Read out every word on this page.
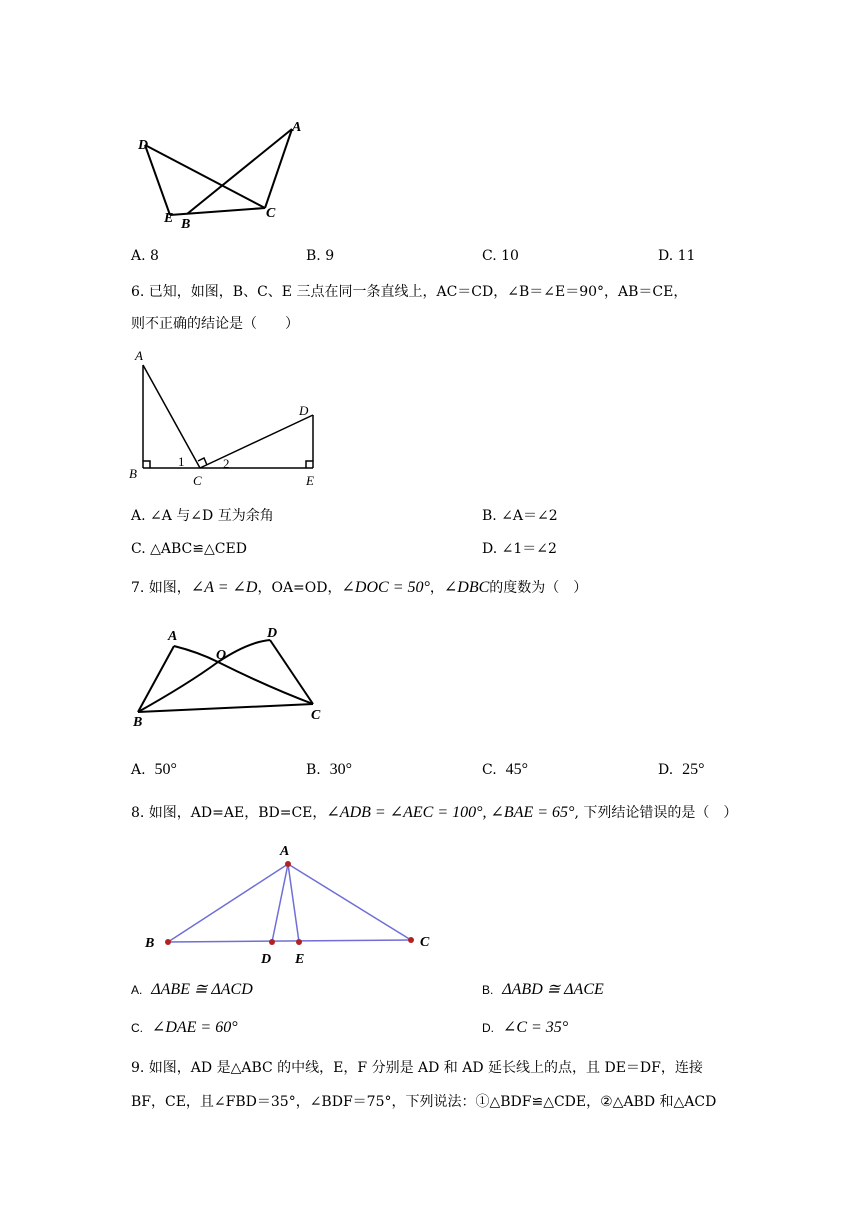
D
A
E B
C
A. 8	B. 9	C. 10	D. 11
6. 已知，如图，B、C、E 三点在同一条直线上，AC＝CD，∠B＝∠E＝90°，AB＝CE，
则不正确的结论是（　　）
A
B	C
D
E
1	2
A. ∠A 与∠D 互为余角	B. ∠A＝∠2
C. △ABC≌△CED	D. ∠1＝∠2
7. 如图，∠A = ∠D，OA=OD，∠DOC = 50°，∠DBC的度数为（　）
A	D
O
B	C
A. 50°	B. 30°	C. 45°	D. 25°
8. 如图，AD=AE，BD=CE，∠ADB = ∠AEC = 100°, ∠BAE = 65°, 下列结论错误的是（　）
A
B	C
D E
A. ΔABE ≅ ΔACD	B. ΔABD ≅ ΔACE
C. ∠DAE = 60°	D. ∠C = 35°
9. 如图，AD 是△ABC 的中线，E，F 分别是 AD 和 AD 延长线上的点，且 DE＝DF，连接
BF，CE，且∠FBD＝35°，∠BDF＝75°，下列说法：①△BDF≌△CDE，②△ABD 和△ACD
